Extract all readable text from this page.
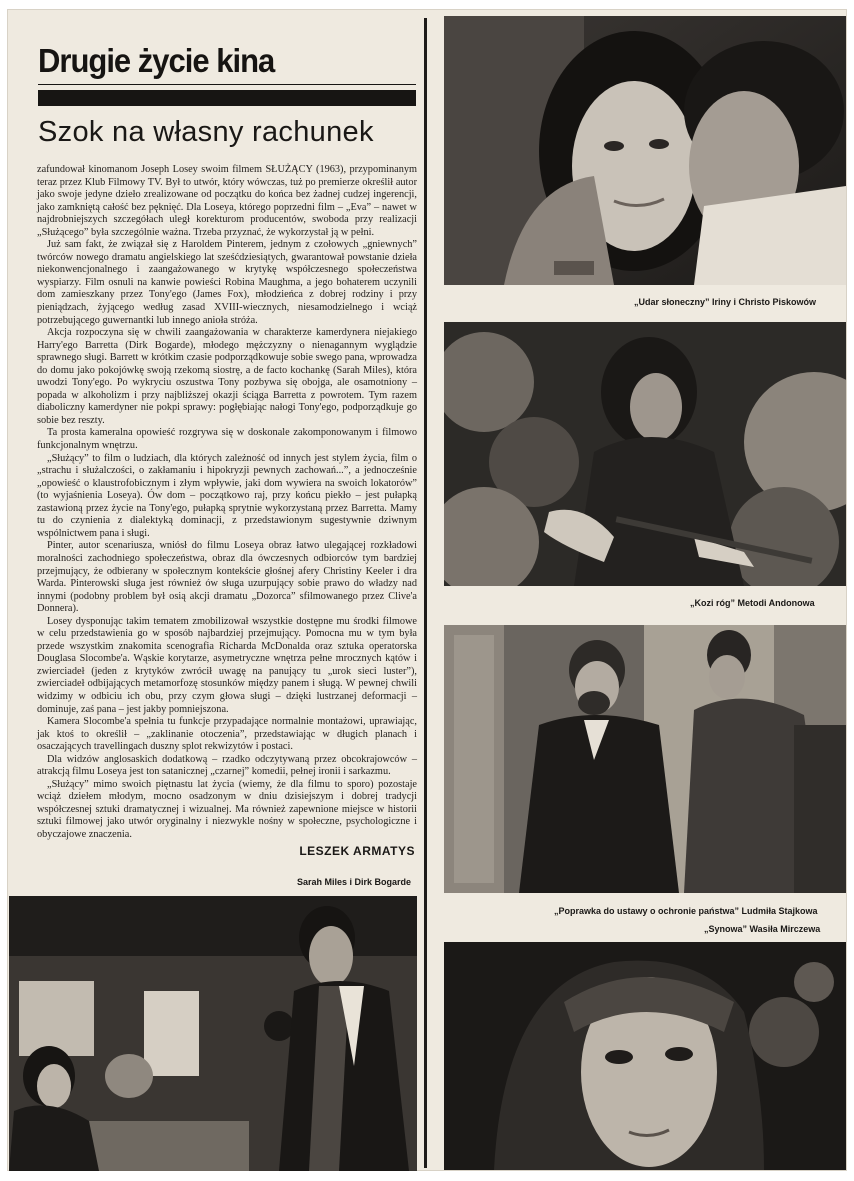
Drugie życie kina
Szok na własny rachunek

zafundował kinomanom Joseph Losey swoim filmem SŁUŻĄCY (1963), przypominanym teraz przez Klub Filmowy TV. Był to utwór, który wówczas, tuż po premierze określił autor jako swoje jedyne dzieło zrealizowane od początku do końca bez żadnej cudzej ingerencji, jako zamkniętą całość bez pęknięć. Dla Loseya, którego poprzedni film – „Eva” – nawet w najdrobniejszych szczegółach uległ korekturom producentów, swoboda przy realizacji „Służącego” była szczególnie ważna. Trzeba przyznać, że wykorzystał ją w pełni.

Już sam fakt, że związał się z Haroldem Pinterem, jednym z czołowych „gniewnych” twórców nowego dramatu angielskiego lat sześćdziesiątych, gwarantował powstanie dzieła niekonwencjonalnego i zaangażowanego w krytykę współczesnego społeczeństwa wyspiarzy. Film osnuli na kanwie powieści Robina Maughma, a jego bohaterem uczynili dom zamieszkany przez Tony'ego (James Fox), młodzieńca z dobrej rodziny i przy pieniądzach, żyjącego według zasad XVIII-wiecznych, niesamodzielnego i wciąż potrzebującego guwernantki lub innego anioła stróża.

Akcja rozpoczyna się w chwili zaangażowania w charakterze kamerdynera niejakiego Harry'ego Barretta (Dirk Bogarde), młodego mężczyzny o nienagannym wyglądzie sprawnego sługi. Barrett w krótkim czasie podporządkowuje sobie swego pana, wprowadza do domu jako pokojówkę swoją rzekomą siostrę, a de facto kochankę (Sarah Miles), która uwodzi Tony'ego. Po wykryciu oszustwa Tony pozbywa się obojga, ale osamotniony – popada w alkoholizm i przy najbliższej okazji ściąga Barretta z powrotem. Tym razem diaboliczny kamerdyner nie pokpi sprawy: pogłębiając nałogi Tony'ego, podporządkuje go sobie bez reszty.

Ta prosta kameralna opowieść rozgrywa się w doskonale zakomponowanym i filmowo funkcjonalnym wnętrzu.

„Służący” to film o ludziach, dla których zależność od innych jest stylem życia, film o „strachu i służalczości, o zakłamaniu i hipokryzji pewnych zachowań...”, a jednocześnie „opowieść o klaustrofobicznym i złym wpływie, jaki dom wywiera na swoich lokatorów” (to wyjaśnienia Loseya). Ów dom – początkowo raj, przy końcu piekło – jest pułapką zastawioną przez życie na Tony'ego, pułapką sprytnie wykorzystaną przez Barretta. Mamy tu do czynienia z dialektyką dominacji, z przedstawionym sugestywnie dziwnym wspólnictwem pana i sługi.

Pinter, autor scenariusza, wniósł do filmu Loseya obraz łatwo ulegającej rozkładowi moralności zachodniego społeczeństwa, obraz dla ówczesnych odbiorców tym bardziej przejmujący, że odbierany w społecznym kontekście głośnej afery Christiny Keeler i dra Warda. Pinterowski sługa jest również ów sługa uzurpujący sobie prawo do władzy nad innymi (podobny problem był osią akcji dramatu „Dozorca” sfilmowanego przez Clive'a Donnera).

Losey dysponując takim tematem zmobilizował wszystkie dostępne mu środki filmowe w celu przedstawienia go w sposób najbardziej przejmujący. Pomocna mu w tym była przede wszystkim znakomita scenografia Richarda McDonalda oraz sztuka operatorska Douglasa Slocombe'a. Wąskie korytarze, asymetryczne wnętrza pełne mrocznych kątów i zwierciadeł (jeden z krytyków zwrócił uwagę na panujący tu „urok sieci luster”), zwierciadeł odbijających metamorfozę stosunków między panem i sługą. W pewnej chwili widzimy w odbiciu ich obu, przy czym głowa sługi – dzięki lustrzanej deformacji – dominuje, zaś pana – jest jakby pomniejszona.

Kamera Slocombe'a spełnia tu funkcje przypadające normalnie montażowi, uprawiając, jak ktoś to określił – „zaklinanie otoczenia”, przedstawiając w długich planach i osaczających travellingach duszny splot rekwizytów i postaci.

Dla widzów anglosaskich dodatkową – rzadko odczytywaną przez obcokrajowców – atrakcją filmu Loseya jest ton satanicznej „czarnej” komedii, pełnej ironii i sarkazmu.

„Służący” mimo swoich piętnastu lat życia (wiemy, że dla filmu to sporo) pozostaje wciąż dziełem młodym, mocno osadzonym w dniu dzisiejszym i dobrej tradycji współczesnej sztuki dramatycznej i wizualnej. Ma również zapewnione miejsce w historii sztuki filmowej jako utwór oryginalny i niezwykle nośny w społeczne, psychologiczne i obyczajowe znaczenia.

LESZEK ARMATYS
Sarah Miles i Dirk Bogarde
„Udar słoneczny” Iriny i Christo Piskowów
„Kozi róg” Metodi Andonowa
„Poprawka do ustawy o ochronie państwa” Ludmiła Stajkowa
„Synowa” Wasiła Mirczewa
